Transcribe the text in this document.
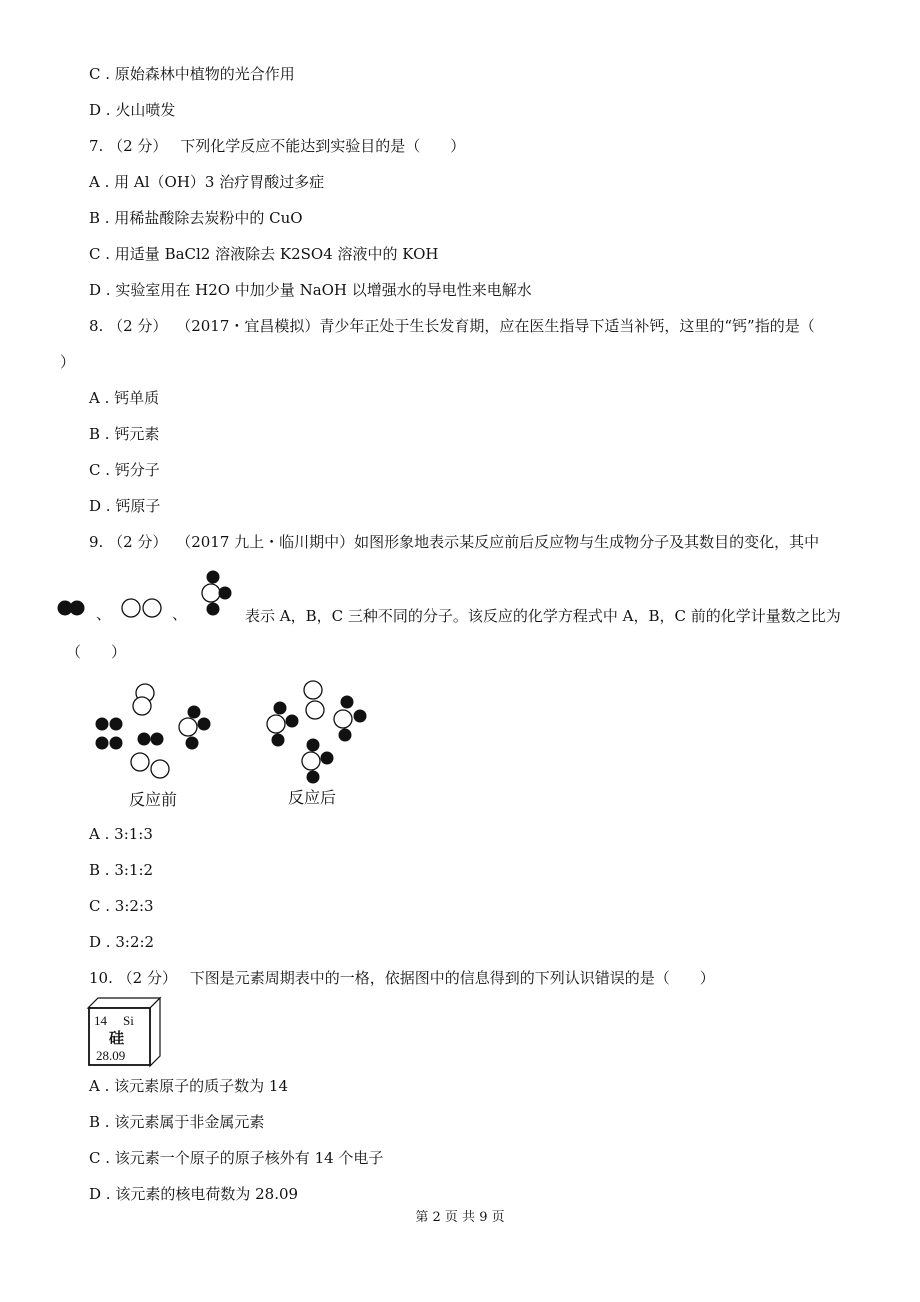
C . 原始森林中植物的光合作用
D . 火山喷发
7. （2 分） 下列化学反应不能达到实验目的是（　　）
A . 用 Al（OH）3 治疗胃酸过多症
B . 用稀盐酸除去炭粉中的 CuO
C . 用适量 BaCl2 溶液除去 K2SO4 溶液中的 KOH
D . 实验室用在 H2O 中加少量 NaOH 以增强水的导电性来电解水
8. （2 分） （2017・宜昌模拟）青少年正处于生长发育期，应在医生指导下适当补钙，这里的“钙”指的是（
）
A . 钙单质
B . 钙元素
C . 钙分子
D . 钙原子
9. （2 分） （2017 九上・临川期中）如图形象地表示某反应前后反应物与生成物分子及其数目的变化，其中
、	、	表示 A，B，C 三种不同的分子。该反应的化学方程式中 A，B，C 前的化学计量数之比为
（　　）
反应前	反应后
A . 3:1:3
B . 3:1:2
C . 3:2:3
D . 3:2:2
10. （2 分） 下图是元素周期表中的一格，依据图中的信息得到的下列认识错误的是（　　）
14 Si
硅
28.09
A . 该元素原子的质子数为 14
B . 该元素属于非金属元素
C . 该元素一个原子的原子核外有 14 个电子
D . 该元素的核电荷数为 28.09
第 2 页 共 9 页
